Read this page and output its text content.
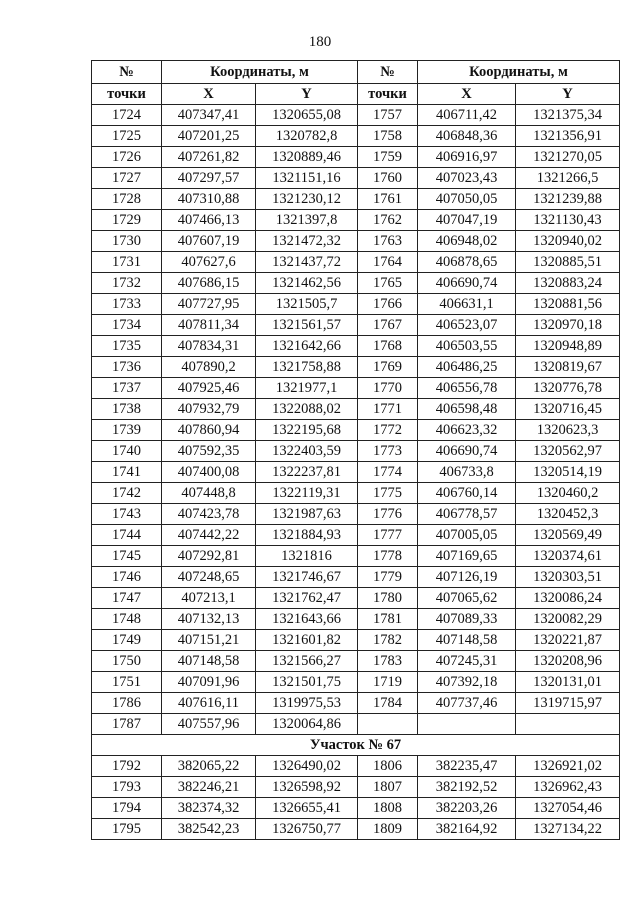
180
№	Координаты, м		№	Координаты, м	
точки	X	Y	точки	X	Y
1724	407347,41	1320655,08	1757	406711,42	1321375,34
1725	407201,25	1320782,8	1758	406848,36	1321356,91
1726	407261,82	1320889,46	1759	406916,97	1321270,05
1727	407297,57	1321151,16	1760	407023,43	1321266,5
1728	407310,88	1321230,12	1761	407050,05	1321239,88
1729	407466,13	1321397,8	1762	407047,19	1321130,43
1730	407607,19	1321472,32	1763	406948,02	1320940,02
1731	407627,6	1321437,72	1764	406878,65	1320885,51
1732	407686,15	1321462,56	1765	406690,74	1320883,24
1733	407727,95	1321505,7	1766	406631,1	1320881,56
1734	407811,34	1321561,57	1767	406523,07	1320970,18
1735	407834,31	1321642,66	1768	406503,55	1320948,89
1736	407890,2	1321758,88	1769	406486,25	1320819,67
1737	407925,46	1321977,1	1770	406556,78	1320776,78
1738	407932,79	1322088,02	1771	406598,48	1320716,45
1739	407860,94	1322195,68	1772	406623,32	1320623,3
1740	407592,35	1322403,59	1773	406690,74	1320562,97
1741	407400,08	1322237,81	1774	406733,8	1320514,19
1742	407448,8	1322119,31	1775	406760,14	1320460,2
1743	407423,78	1321987,63	1776	406778,57	1320452,3
1744	407442,22	1321884,93	1777	407005,05	1320569,49
1745	407292,81	1321816	1778	407169,65	1320374,61
1746	407248,65	1321746,67	1779	407126,19	1320303,51
1747	407213,1	1321762,47	1780	407065,62	1320086,24
1748	407132,13	1321643,66	1781	407089,33	1320082,29
1749	407151,21	1321601,82	1782	407148,58	1320221,87
1750	407148,58	1321566,27	1783	407245,31	1320208,96
1751	407091,96	1321501,75	1719	407392,18	1320131,01
1786	407616,11	1319975,53	1784	407737,46	1319715,97
1787	407557,96	1320064,86			
Участок № 67					
1792	382065,22	1326490,02	1806	382235,47	1326921,02
1793	382246,21	1326598,92	1807	382192,52	1326962,43
1794	382374,32	1326655,41	1808	382203,26	1327054,46
1795	382542,23	1326750,77	1809	382164,92	1327134,22
